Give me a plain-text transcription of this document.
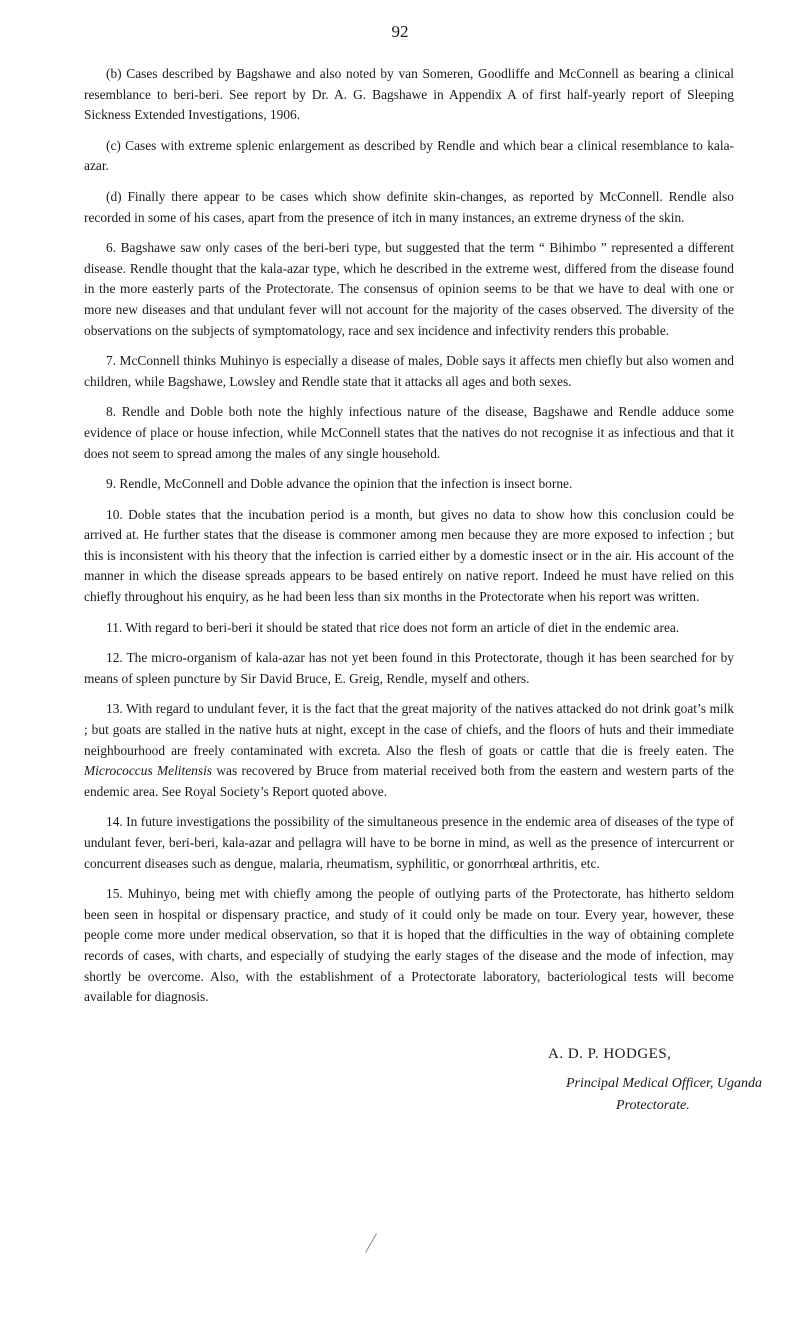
92

(b) Cases described by Bagshawe and also noted by van Someren, Goodliffe and McConnell as bearing a clinical resemblance to beri-beri. See report by Dr. A. G. Bagshawe in Appendix A of first half-yearly report of Sleeping Sickness Extended Investigations, 1906.

(c) Cases with extreme splenic enlargement as described by Rendle and which bear a clinical resemblance to kala-azar.

(d) Finally there appear to be cases which show definite skin-changes, as reported by McConnell. Rendle also recorded in some of his cases, apart from the presence of itch in many instances, an extreme dryness of the skin.

6. Bagshawe saw only cases of the beri-beri type, but suggested that the term “ Bihimbo ” represented a different disease. Rendle thought that the kala-azar type, which he described in the extreme west, differed from the disease found in the more easterly parts of the Protectorate. The consensus of opinion seems to be that we have to deal with one or more new diseases and that undulant fever will not account for the majority of the cases observed. The diversity of the observations on the subjects of symptomatology, race and sex incidence and infectivity renders this probable.

7. McConnell thinks Muhinyo is especially a disease of males, Doble says it affects men chiefly but also women and children, while Bagshawe, Lowsley and Rendle state that it attacks all ages and both sexes.

8. Rendle and Doble both note the highly infectious nature of the disease, Bagshawe and Rendle adduce some evidence of place or house infection, while McConnell states that the natives do not recognise it as infectious and that it does not seem to spread among the males of any single household.

9. Rendle, McConnell and Doble advance the opinion that the infection is insect borne.

10. Doble states that the incubation period is a month, but gives no data to show how this conclusion could be arrived at. He further states that the disease is commoner among men because they are more exposed to infection ; but this is inconsistent with his theory that the infection is carried either by a domestic insect or in the air. His account of the manner in which the disease spreads appears to be based entirely on native report. Indeed he must have relied on this chiefly throughout his enquiry, as he had been less than six months in the Protectorate when his report was written.

11. With regard to beri-beri it should be stated that rice does not form an article of diet in the endemic area.

12. The micro-organism of kala-azar has not yet been found in this Protectorate, though it has been searched for by means of spleen puncture by Sir David Bruce, E. Greig, Rendle, myself and others.

13. With regard to undulant fever, it is the fact that the great majority of the natives attacked do not drink goat’s milk ; but goats are stalled in the native huts at night, except in the case of chiefs, and the floors of huts and their immediate neighbourhood are freely contaminated with excreta. Also the flesh of goats or cattle that die is freely eaten. The Micrococcus Melitensis was recovered by Bruce from material received both from the eastern and western parts of the endemic area. See Royal Society’s Report quoted above.

14. In future investigations the possibility of the simultaneous presence in the endemic area of diseases of the type of undulant fever, beri-beri, kala-azar and pellagra will have to be borne in mind, as well as the presence of intercurrent or concurrent diseases such as dengue, malaria, rheumatism, syphilitic, or gonorrhœal arthritis, etc.

15. Muhinyo, being met with chiefly among the people of outlying parts of the Protectorate, has hitherto seldom been seen in hospital or dispensary practice, and study of it could only be made on tour. Every year, however, these people come more under medical observation, so that it is hoped that the difficulties in the way of obtaining complete records of cases, with charts, and especially of studying the early stages of the disease and the mode of infection, may shortly be overcome. Also, with the establishment of a Protectorate laboratory, bacteriological tests will become available for diagnosis.

A. D. P. HODGES,
Principal Medical Officer, Uganda
Protectorate.
